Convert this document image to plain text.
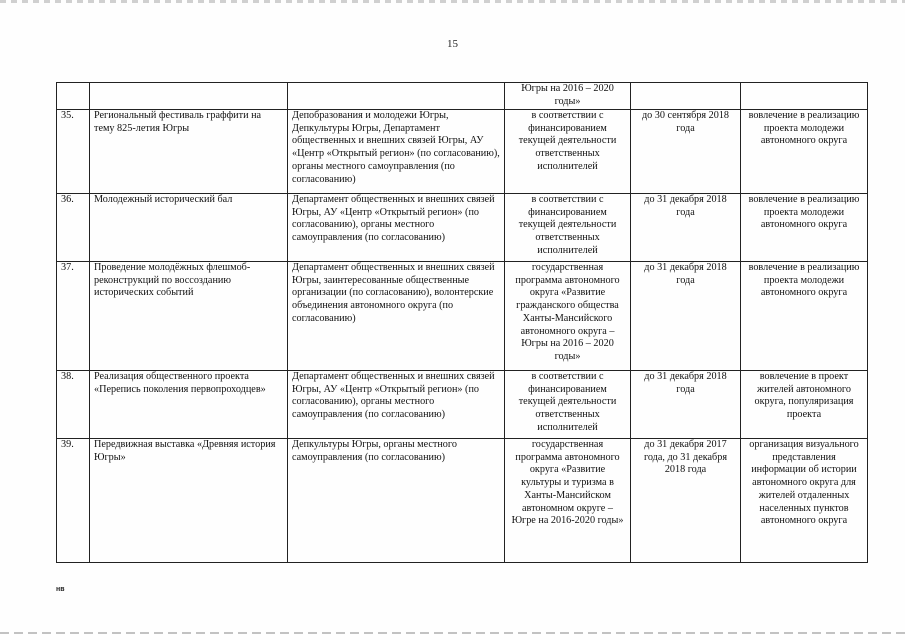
15
			Югры на 2016 – 2020 годы»		
35.	Региональный фестиваль граффити на тему 825-летия Югры	Депобразования и молодежи Югры, Депкультуры Югры, Департамент общественных и внешних связей Югры, АУ «Центр «Открытый регион» (по согласованию), органы местного самоуправления (по согласованию)	в соответствии с финансированием текущей деятельности ответственных исполнителей	до 30 сентября 2018 года	вовлечение в реализацию проекта молодежи автономного округа
36.	Молодежный исторический бал	Департамент общественных и внешних связей Югры, АУ «Центр «Открытый регион» (по согласованию), органы местного самоуправления (по согласованию)	в соответствии с финансированием текущей деятельности ответственных исполнителей	до 31 декабря 2018 года	вовлечение в реализацию проекта молодежи автономного округа
37.	Проведение молодёжных флешмоб-реконструкций по воссозданию исторических событий	Департамент общественных и внешних связей Югры, заинтересованные общественные организации (по согласованию), волонтерские объединения автономного округа (по согласованию)	государственная программа автономного округа «Развитие гражданского общества Ханты-Мансийского автономного округа – Югры на 2016 – 2020 годы»	до 31 декабря 2018 года	вовлечение в реализацию проекта молодежи автономного округа
38.	Реализация общественного проекта «Перепись поколения первопроходцев»	Департамент общественных и внешних связей Югры, АУ «Центр «Открытый регион» (по согласованию), органы местного самоуправления (по согласованию)	в соответствии с финансированием текущей деятельности ответственных исполнителей	до 31 декабря 2018 года	вовлечение в проект жителей автономного округа, популяризация проекта
39.	Передвижная выставка «Древняя история Югры»	Депкультуры Югры, органы местного самоуправления (по согласованию)	государственная программа автономного округа «Развитие культуры и туризма в Ханты-Мансийском автономном округе – Югре на 2016-2020 годы»	до 31 декабря 2017 года, до 31 декабря 2018 года	организация визуального представления информации об истории автономного округа для жителей отдаленных населенных пунктов автономного округа
нв
